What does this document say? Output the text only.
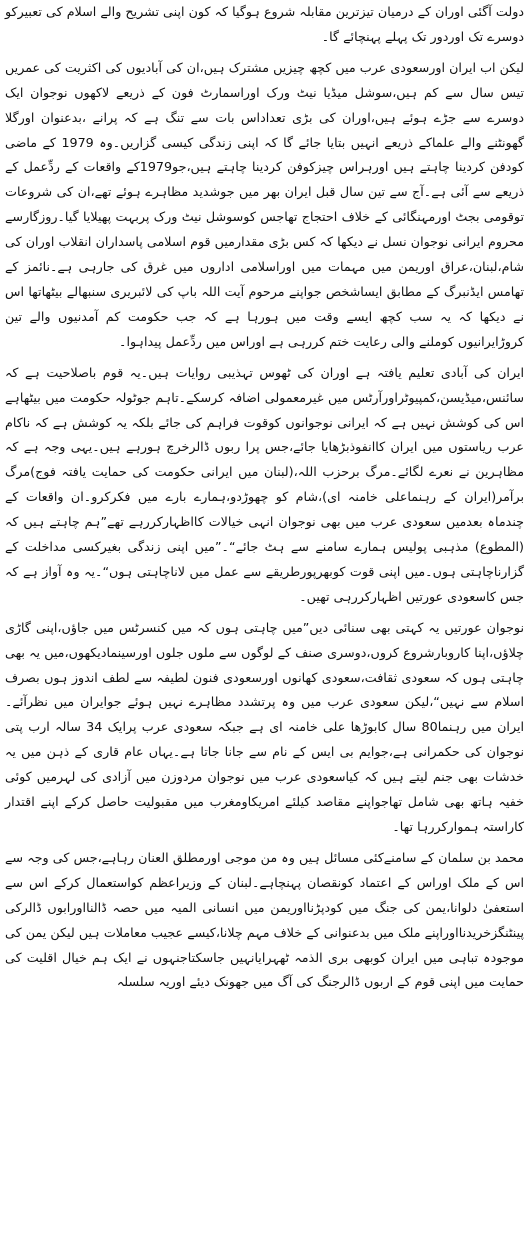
دولت آگئی اوران کے درمیان تیزترین مقابلہ شروع ہوگیا کہ کون اپنی تشریح والے اسلام کی تعبیرکو دوسرے تک اوردور تک پہلے پہنچائے گا۔

لیکن اب ایران اورسعودی عرب میں کچھ چیزیں مشترک ہیں،ان کی آبادیوں کی اکثریت کی عمریں تیس سال سے کم ہیں،سوشل میڈیا نیٹ ورک اوراسمارٹ فون کے ذریعے لاکھوں نوجوان ایک دوسرے سے جڑے ہوئے ہیں،اوران کی بڑی تعداداس بات سے تنگ ہے کہ پرانے ،بدعنوان اورگلا گھونٹنے والے علماکے ذریعے انہیں بتایا جائے گا کہ اپنی زندگی کیسی گزاریں۔وہ 1979 کے ماضی کودفن کردینا چاہتے ہیں اورہراس چیزکوفن کردینا چاہتے ہیں،جو1979کے واقعات کے ردِّعمل کے ذریعے سے آئی ہے۔آج سے تین سال قبل ایران بھر میں جوشدید مظاہرے ہوئے تھے،ان کی شروعات توقومی بجٹ اورمہنگائی کے خلاف احتجاج تھاجس کوسوشل نیٹ ورک پربہت پھیلایا گیا۔روزگارسے محروم ایرانی نوجوان نسل نے دیکھا کہ کس بڑی مقدارمیں قوم اسلامی پاسداران انقلاب اوران کی شام،لبنان،عراق اوریمن میں مہمات میں اوراسلامی اداروں میں غرق کی جارہی ہے۔نائمز کے تھامس ایڈنبرگ کے مطابق ایساشخص جواپنے مرحوم آیت اللہ باپ کی لائبریری سنبھالے بیٹھاتھا اس نے دیکھا کہ یہ سب کچھ ایسے وقت میں ہورہا ہے کہ جب حکومت کم آمدنیوں والے تین کروڑایرانیوں کوملنے والی رعایت ختم کررہی ہے اوراس میں ردِّعمل پیداہوا۔

ایران کی آبادی تعلیم یافتہ ہے اوران کی ٹھوس تہذیبی روایات ہیں۔یہ قوم باصلاحیت ہے کہ سائنس،میڈیسن،کمپیوٹراورآرٹس میں غیرمعمولی اضافہ کرسکے۔تاہم جوٹولہ حکومت میں بیٹھاہے اس کی کوشش نہیں ہے کہ ایرانی نوجوانوں کوقوت فراہم کی جائے بلکہ یہ کوشش ہے کہ ناکام عرب ریاستوں میں ایران کاانفوذبڑھایا جائے،جس پرا ربوں ڈالرخرچ ہورہے ہیں۔یہی وجہ ہے کہ مظاہرین نے نعرے لگائے۔مرگ برحزب اللہ،(لبنان میں ایرانی حکومت کی حمایت یافتہ فوج)مرگ برآمر(ایران کے رہنماعلی خامنہ ای)،شام کو چھوڑدو،ہمارے بارے میں فکرکرو۔ان واقعات کے چندماہ بعدمیں سعودی عرب میں بھی نوجوان انہی خیالات کااظہارکررہے تھے”ہم چاہتے ہیں کہ (المطوع) مذہبی پولیس ہمارے سامنے سے ہٹ جائے“۔”میں اپنی زندگی بغیرکسی مداخلت کے گزارناچاہتی ہوں۔میں اپنی قوت کوبھرپورطریقے سے عمل میں لاناچاہتی ہوں“۔یہ وہ آواز ہے کہ جس کاسعودی عورتیں اظہارکررہی تھیں۔

نوجوان عورتیں یہ کہتی بھی سنائی دیں”میں چاہتی ہوں کہ میں کنسرٹس میں جاؤں،اپنی گاڑی چلاؤں،اپنا کاروبارشروع کروں،دوسری صنف کے لوگوں سے ملوں جلوں اورسینمادیکھوں،میں یہ بھی چاہتی ہوں کہ سعودی ثقافت،سعودی کھانوں اورسعودی فنون لطیفہ سے لطف اندوز ہوں بصرف اسلام سے نہیں“،لیکن سعودی عرب میں وہ پرتشدد مظاہرے نہیں ہوئے جوایران میں نظرآئے۔ایران میں رہنما80 سال کابوڑھا علی خامنہ ای ہے جبکہ سعودی عرب پرایک 34 سالہ ارب پتی نوجوان کی حکمرانی ہے،جوایم بی ایس کے نام سے جانا جاتا ہے۔یہاں عام قاری کے ذہن میں یہ خدشات بھی جنم لیتے ہیں کہ کیاسعودی عرب میں نوجوان مردوزن میں آزادی کی لہرمیں کوئی خفیہ ہاتھ بھی شامل تھاجواپنے مقاصد کیلئے امریکاومغرب میں مقبولیت حاصل کرکے اپنے اقتدار کاراستہ ہموارکررہا تھا۔

محمد بن سلمان کے سامنےکئی مسائل ہیں وہ من موجی اورمطلق العنان رہاہے،جس کی وجہ سے اس کے ملک اوراس کے اعتماد کونقصان پہنچاہے۔لبنان کے وزیراعظم کواستعمال کرکے اس سے استعفیٰ دلوانا،یمن کی جنگ میں کودپڑنااوریمن میں انسانی المیہ میں حصہ ڈالنااورابوں ڈالرکی پینٹنگزخریدنااوراپنے ملک میں بدعنوانی کے خلاف مہم چلانا،کیسے عجیب معاملات ہیں لیکن یمن کی موجودہ تباہی میں ایران کوبھی بری الذمہ ٹھہرایانہیں جاسکتاجنہوں نے ایک ہم خیال اقلیت کی حمایت میں اپنی قوم کے اربوں ڈالرجنگ کی آگ میں جھونک دیئے اوریہ سلسلہ
